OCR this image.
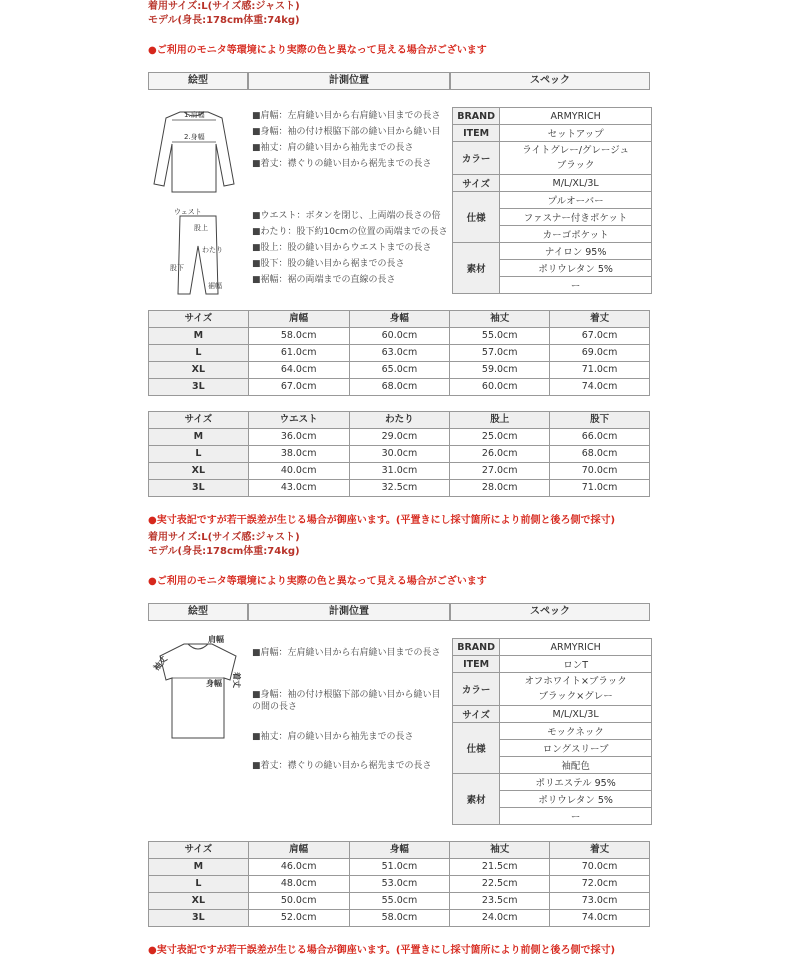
着用サイズ:L(サイズ感:ジャスト)
モデル(身長:178cm体重:74kg)
●ご利用のモニタ等環境により実際の色と異なって見える場合がございます
絵型	計測位置	スペック
1.肩幅
2.身幅
ウェスト
股上
わたり
股下
裾幅
■肩幅：左肩縫い目から右肩縫い目までの長さ
■身幅：袖の付け根脇下部の縫い目から縫い目
■袖丈：肩の縫い目から袖先までの長さ
■着丈：襟ぐりの縫い目から裾先までの長さ
■ウエスト：ボタンを閉じ、上両端の長さの倍
■わたり：股下約10cmの位置の両端までの長さ
■股上：股の縫い目からウエストまでの長さ
■股下：股の縫い目から裾までの長さ
■裾幅：裾の両端までの直線の長さ
BRAND	ARMYRICH
ITEM	セットアップ
カラー	ライトグレー/グレージュ
ブラック

サイズ	M/L/XL/3L
仕様	プルオーバー
	ファスナー付きポケット
	カーゴポケット
素材	ナイロン 95%
	ポリウレタン 5%
	ー
サイズ	肩幅	身幅	袖丈	着丈
M	58.0cm	60.0cm	55.0cm	67.0cm
L	61.0cm	63.0cm	57.0cm	69.0cm
XL	64.0cm	65.0cm	59.0cm	71.0cm
3L	67.0cm	68.0cm	60.0cm	74.0cm
サイズ	ウエスト	わたり	股上	股下
M	36.0cm	29.0cm	25.0cm	66.0cm
L	38.0cm	30.0cm	26.0cm	68.0cm
XL	40.0cm	31.0cm	27.0cm	70.0cm
3L	43.0cm	32.5cm	28.0cm	71.0cm
●実寸表記ですが若干誤差が生じる場合が御座います。(平置きにし採寸箇所により前側と後ろ側で採寸)
着用サイズ:L(サイズ感:ジャスト)
モデル(身長:178cm体重:74kg)
●ご利用のモニタ等環境により実際の色と異なって見える場合がございます
絵型	計測位置	スペック
肩幅
身幅
袖丈
着丈
■肩幅：左肩縫い目から右肩縫い目までの長さ
■身幅：袖の付け根脇下部の縫い目から縫い目の間の長さ
■袖丈：肩の縫い目から袖先までの長さ
■着丈：襟ぐりの縫い目から裾先までの長さ
BRAND	ARMYRICH
ITEM	ロンT
カラー	オフホワイト×ブラック
ブラック×グレー

サイズ	M/L/XL/3L
仕様	モックネック
	ロングスリーブ
	袖配色
素材	ポリエステル 95%
	ポリウレタン 5%
	ー
サイズ	肩幅	身幅	袖丈	着丈
M	46.0cm	51.0cm	21.5cm	70.0cm
L	48.0cm	53.0cm	22.5cm	72.0cm
XL	50.0cm	55.0cm	23.5cm	73.0cm
3L	52.0cm	58.0cm	24.0cm	74.0cm
●実寸表記ですが若干誤差が生じる場合が御座います。(平置きにし採寸箇所により前側と後ろ側で採寸)
